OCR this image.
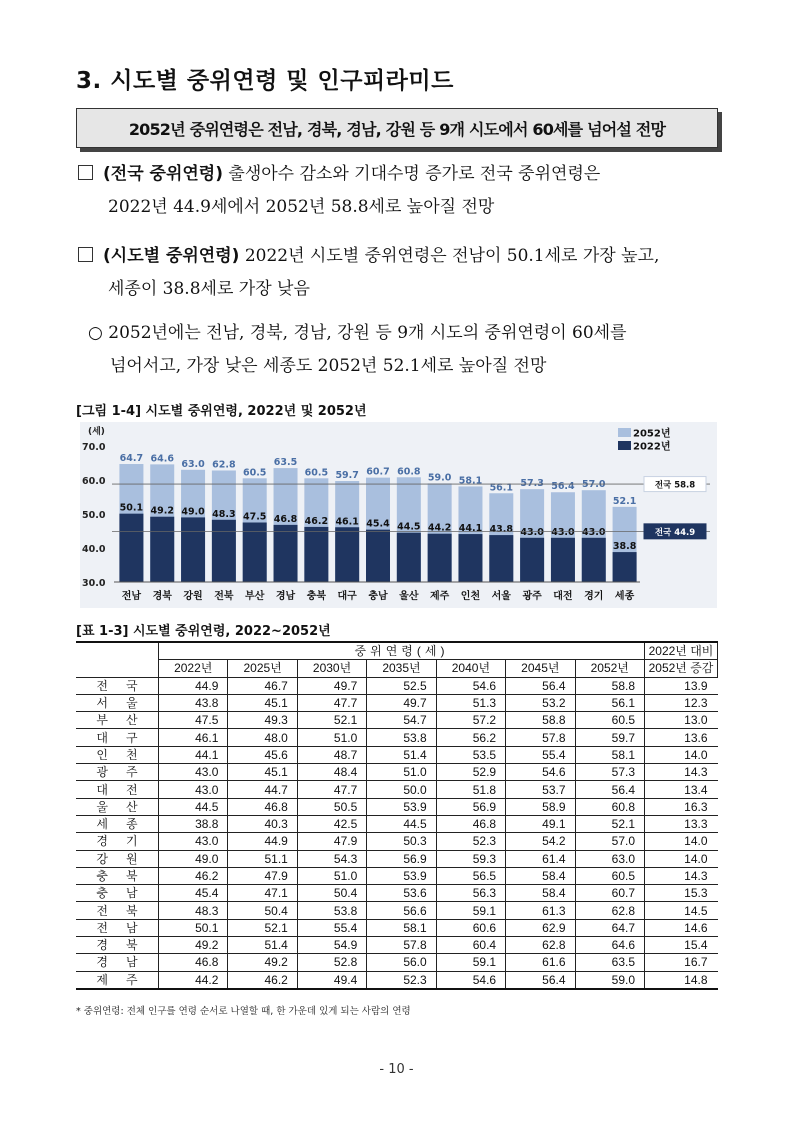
3. 시도별 중위연령 및 인구피라미드
2052년 중위연령은 전남, 경북, 경남, 강원 등 9개 시도에서 60세를 넘어설 전망
(전국 중위연령) 출생아수 감소와 기대수명 증가로 전국 중위연령은
2022년 44.9세에서 2052년 58.8세로 높아질 전망
(시도별 중위연령) 2022년 시도별 중위연령은 전남이 50.1세로 가장 높고,
세종이 38.8세로 가장 낮음
○ 2052년에는 전남, 경북, 경남, 강원 등 9개 시도의 중위연령이 60세를
넘어서고, 가장 낮은 세종도 2052년 52.1세로 높아질 전망
[그림 1-4] 시도별 중위연령, 2022년 및 2052년
30.0
40.0
50.0
60.0
70.0
(세)
64.7
50.1
전남
64.6
49.2
경북
63.0
49.0
강원
62.8
48.3
전북
60.5
47.5
부산
63.5
46.8
경남
60.5
46.2
충북
59.7
46.1
대구
60.7
45.4
충남
60.8
44.5
울산
59.0
44.2
제주
58.1
44.1
인천
56.1
43.8
서울
57.3
43.0
광주
56.4
43.0
대전
57.0
43.0
경기
52.1
38.8
세종
전국 58.8
전국 44.9
2052년
2022년
[표 1-3] 시도별 중위연령, 2022~2052년
	중위연령(세)							2022년 대비
	2022년	2025년	2030년	2035년	2040년	2045년	2052년	2052년 증감
전국	44.9	46.7	49.7	52.5	54.6	56.4	58.8	13.9
서울	43.8	45.1	47.7	49.7	51.3	53.2	56.1	12.3
부산	47.5	49.3	52.1	54.7	57.2	58.8	60.5	13.0
대구	46.1	48.0	51.0	53.8	56.2	57.8	59.7	13.6
인천	44.1	45.6	48.7	51.4	53.5	55.4	58.1	14.0
광주	43.0	45.1	48.4	51.0	52.9	54.6	57.3	14.3
대전	43.0	44.7	47.7	50.0	51.8	53.7	56.4	13.4
울산	44.5	46.8	50.5	53.9	56.9	58.9	60.8	16.3
세종	38.8	40.3	42.5	44.5	46.8	49.1	52.1	13.3
경기	43.0	44.9	47.9	50.3	52.3	54.2	57.0	14.0
강원	49.0	51.1	54.3	56.9	59.3	61.4	63.0	14.0
충북	46.2	47.9	51.0	53.9	56.5	58.4	60.5	14.3
충남	45.4	47.1	50.4	53.6	56.3	58.4	60.7	15.3
전북	48.3	50.4	53.8	56.6	59.1	61.3	62.8	14.5
전남	50.1	52.1	55.4	58.1	60.6	62.9	64.7	14.6
경북	49.2	51.4	54.9	57.8	60.4	62.8	64.6	15.4
경남	46.8	49.2	52.8	56.0	59.1	61.6	63.5	16.7
제주	44.2	46.2	49.4	52.3	54.6	56.4	59.0	14.8
* 중위연령: 전체 인구를 연령 순서로 나열할 때, 한 가운데 있게 되는 사람의 연령
- 10 -
